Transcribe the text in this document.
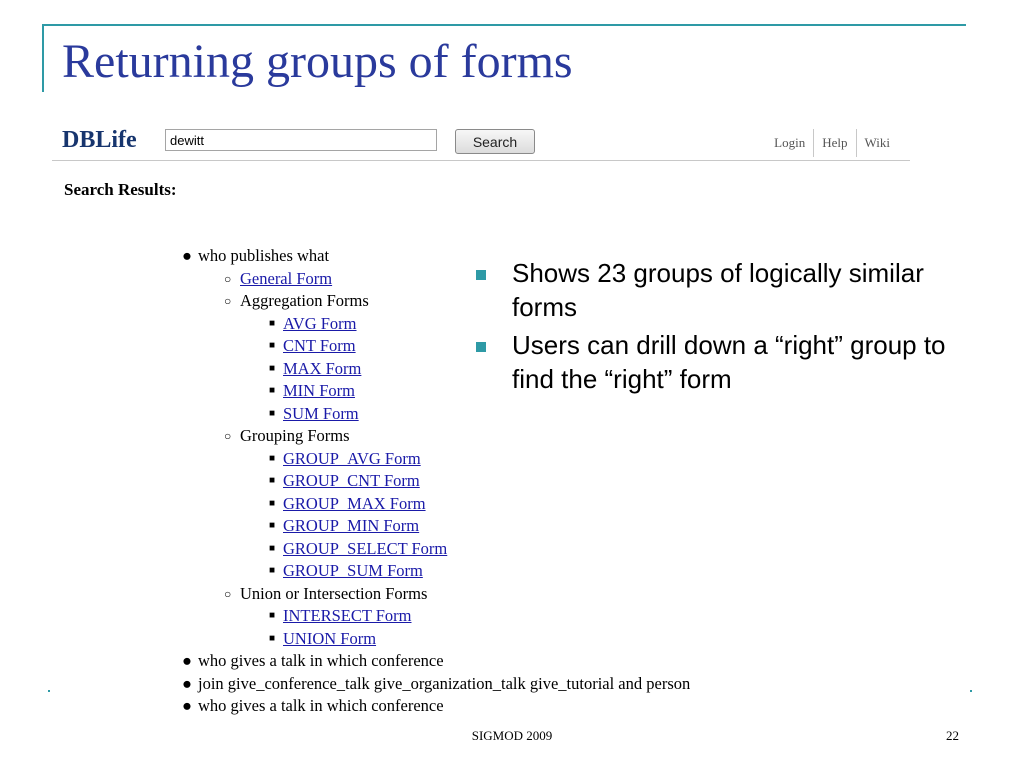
Returning groups of forms
DBLife
dewitt	Search	Login	Help	Wiki
Search Results:
● who publishes what
○ General Form
○ Aggregation Forms
■ AVG Form
■ CNT Form
■ MAX Form
■ MIN Form
■ SUM Form
○ Grouping Forms
■ GROUP_AVG Form
■ GROUP_CNT Form
■ GROUP_MAX Form
■ GROUP_MIN Form
■ GROUP_SELECT Form
■ GROUP_SUM Form
○ Union or Intersection Forms
■ INTERSECT Form
■ UNION Form
● who gives a talk in which conference
● join give_conference_talk give_organization_talk give_tutorial and person
● who gives a talk in which conference
Shows 23 groups of logically similar forms
Users can drill down a “right” group to find the “right” form
SIGMOD 2009	22
